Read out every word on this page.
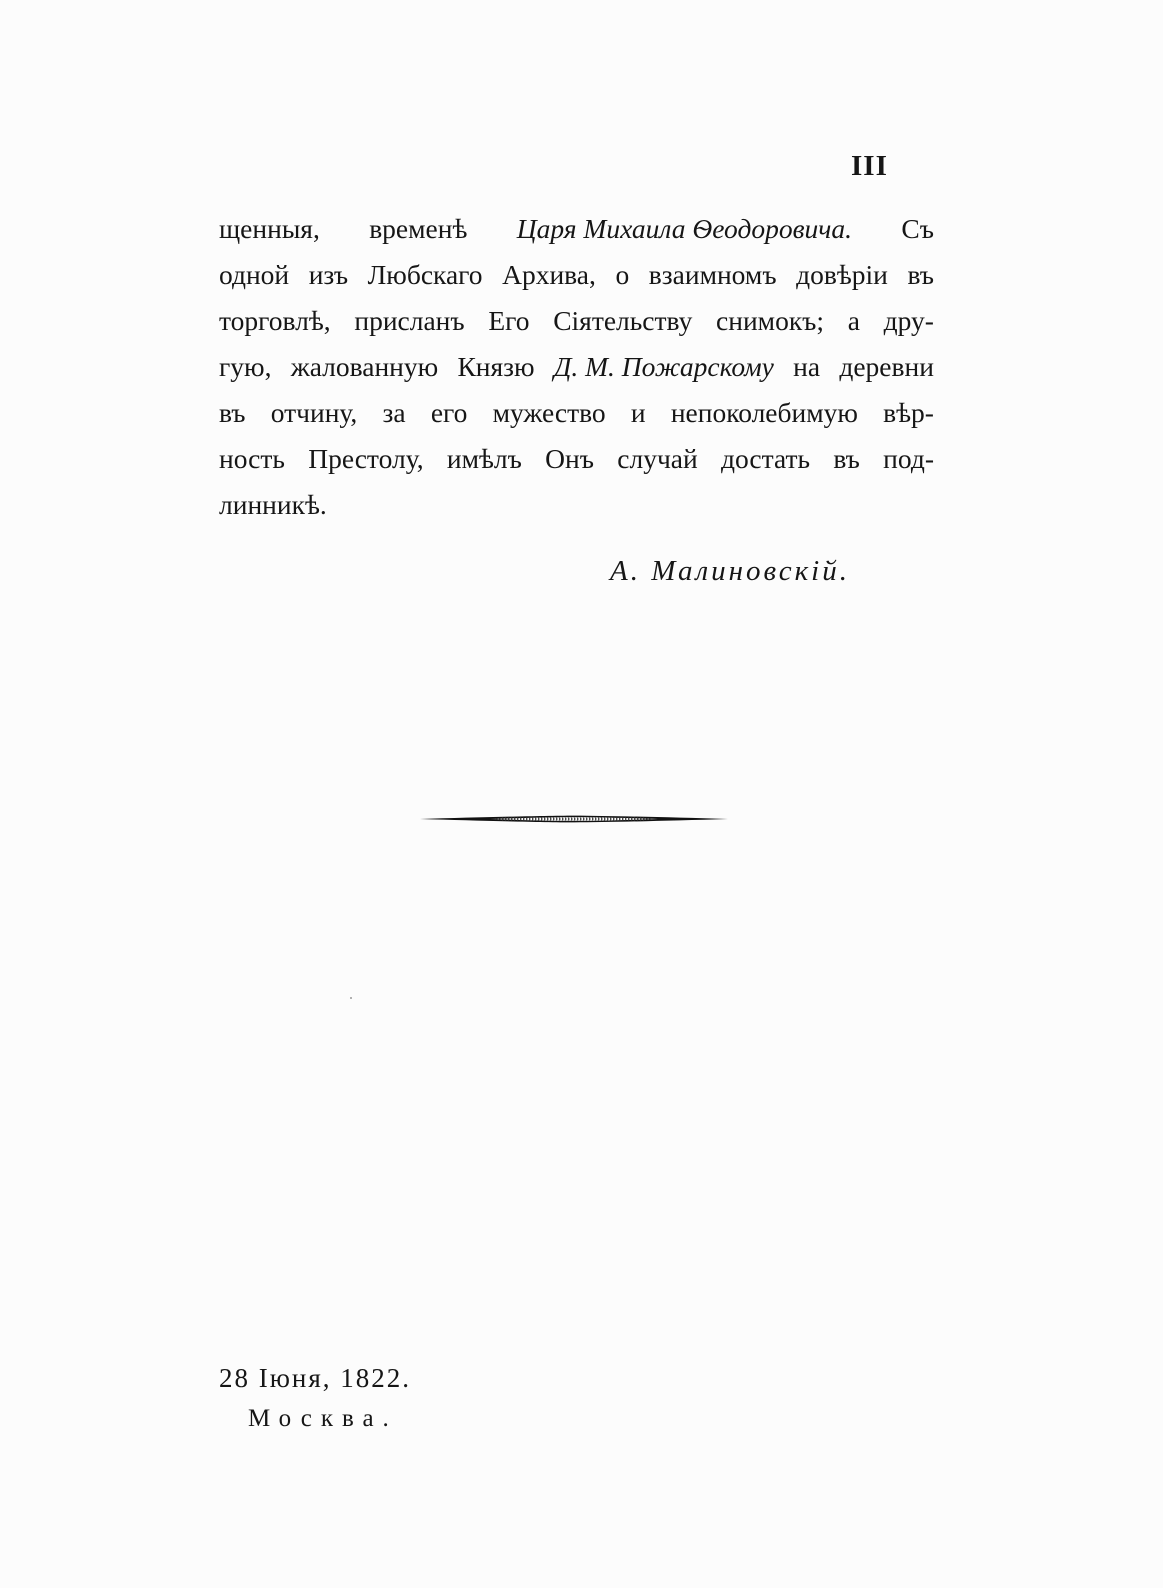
III
щенныя, временѣ Царя Михаила Ѳеодоровича. Съ
одной изъ Любскаго Архива, о взаимномъ довѣріи въ
торговлѣ, присланъ Его Сіятельству снимокъ; а дру-
гую, жалованную Князю Д. М. Пожарскому на деревни
въ отчину, за его мужество и непоколебимую вѣр-
ность Престолу, имѣлъ Онъ случай достать въ под-
линникѣ.
А. Малиновскій.
28 Іюня, 1822.
Москва.
